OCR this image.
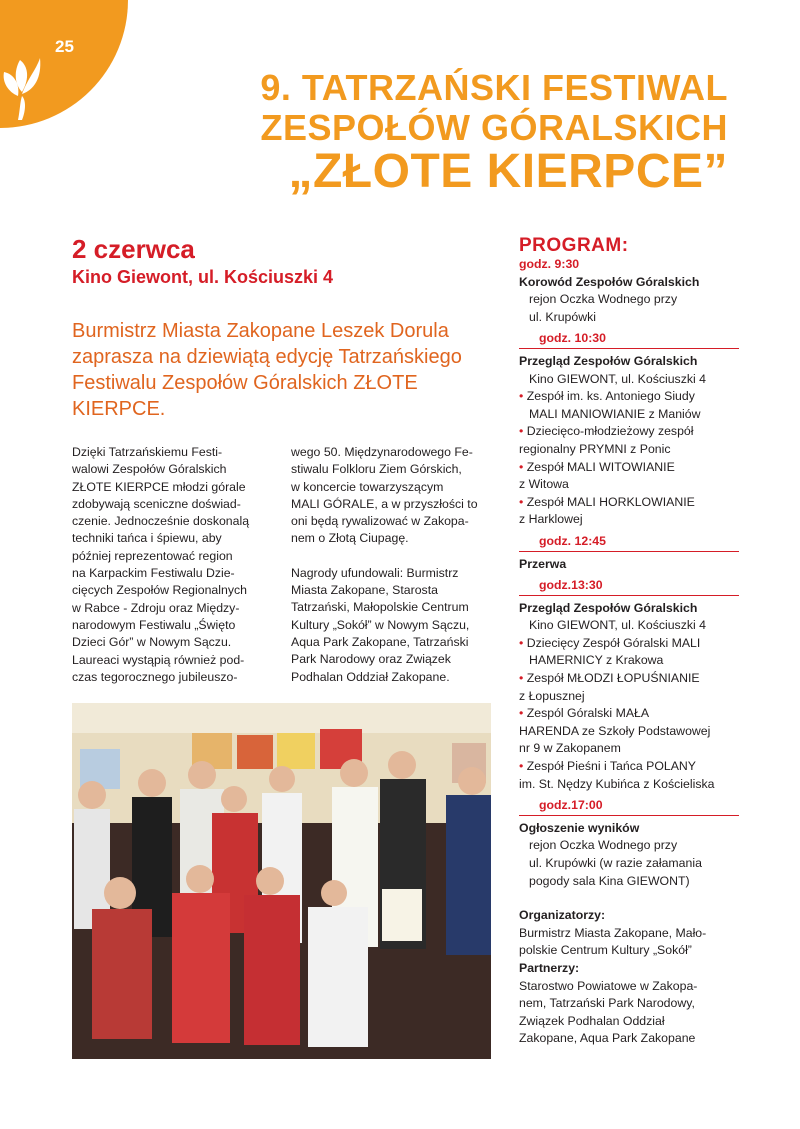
25
9. TATRZAŃSKI FESTIWAL
ZESPOŁÓW GÓRALSKICH
„ZŁOTE KIERPCE”
2 czerwca
Kino Giewont, ul. Kościuszki 4
Burmistrz Miasta Zakopane Leszek Dorula zaprasza na dziewiątą edycję Tatrzańskiego Festiwalu Zespołów Góralskich ZŁOTE KIERPCE.

Dzięki Tatrzańskiemu Festi-

walowi Zespołów Góralskich

ZŁOTE KIERPCE młodzi górale

zdobywają sceniczne doświad-

czenie. Jednocześnie doskonalą

techniki tańca i śpiewu, aby

później reprezentować region

na Karpackim Festiwalu Dzie-

cięcych Zespołów Regionalnych

w Rabce - Zdroju oraz Między-

narodowym Festiwalu „Święto

Dzieci Gór” w Nowym Sączu.

Laureaci wystąpią również pod-

czas tegorocznego jubileuszo-

wego 50. Międzynarodowego Fe-

stiwalu Folkloru Ziem Górskich,

w koncercie towarzyszącym

MALI GÓRALE, a w przyszłości to

oni będą rywalizować w Zakopa-

nem o Złotą Ciupagę.

Nagrody ufundowali: Burmistrz

Miasta Zakopane, Starosta

Tatrzański, Małopolskie Centrum

Kultury „Sokół” w Nowym Sączu,

Aqua Park Zakopane, Tatrzański

Park Narodowy oraz Związek

Podhalan Oddział Zakopane.

PROGRAM:
godz. 9:30
Korowód Zespołów Góralskich
rejon Oczka Wodnego przy
ul. Krupówki
godz. 10:30
Przegląd Zespołów Góralskich
Kino GIEWONT, ul. Kościuszki 4
• Zespół im. ks. Antoniego Siudy
MALI MANIOWIANIE z Maniów
• Dziecięco-młodzieżowy zespół
regionalny PRYMNI z Ponic
• Zespół MALI WITOWIANIE
z Witowa
• Zespół MALI HORKLOWIANIE
z Harklowej
godz. 12:45
Przerwa
godz.13:30
Przegląd Zespołów Góralskich
Kino GIEWONT, ul. Kościuszki 4
• Dziecięcy Zespół Góralski MALI
HAMERNICY z Krakowa
• Zespół MŁODZI ŁOPUŚNIANIE
z Łopusznej
• Zespól Góralski MAŁA
HARENDA ze Szkoły Podstawowej
nr 9 w Zakopanem
• Zespół Pieśni i Tańca POLANY
im. St. Nędzy Kubińca z Kościeliska
godz.17:00
Ogłoszenie wyników
rejon Oczka Wodnego przy
ul. Krupówki (w razie załamania
pogody sala Kina GIEWONT)
Organizatorzy:
Burmistrz Miasta Zakopane, Mało-
polskie Centrum Kultury „Sokół”
Partnerzy:
Starostwo Powiatowe w Zakopa-
nem, Tatrzański Park Narodowy,
Związek Podhalan Oddział
Zakopane, Aqua Park Zakopane
